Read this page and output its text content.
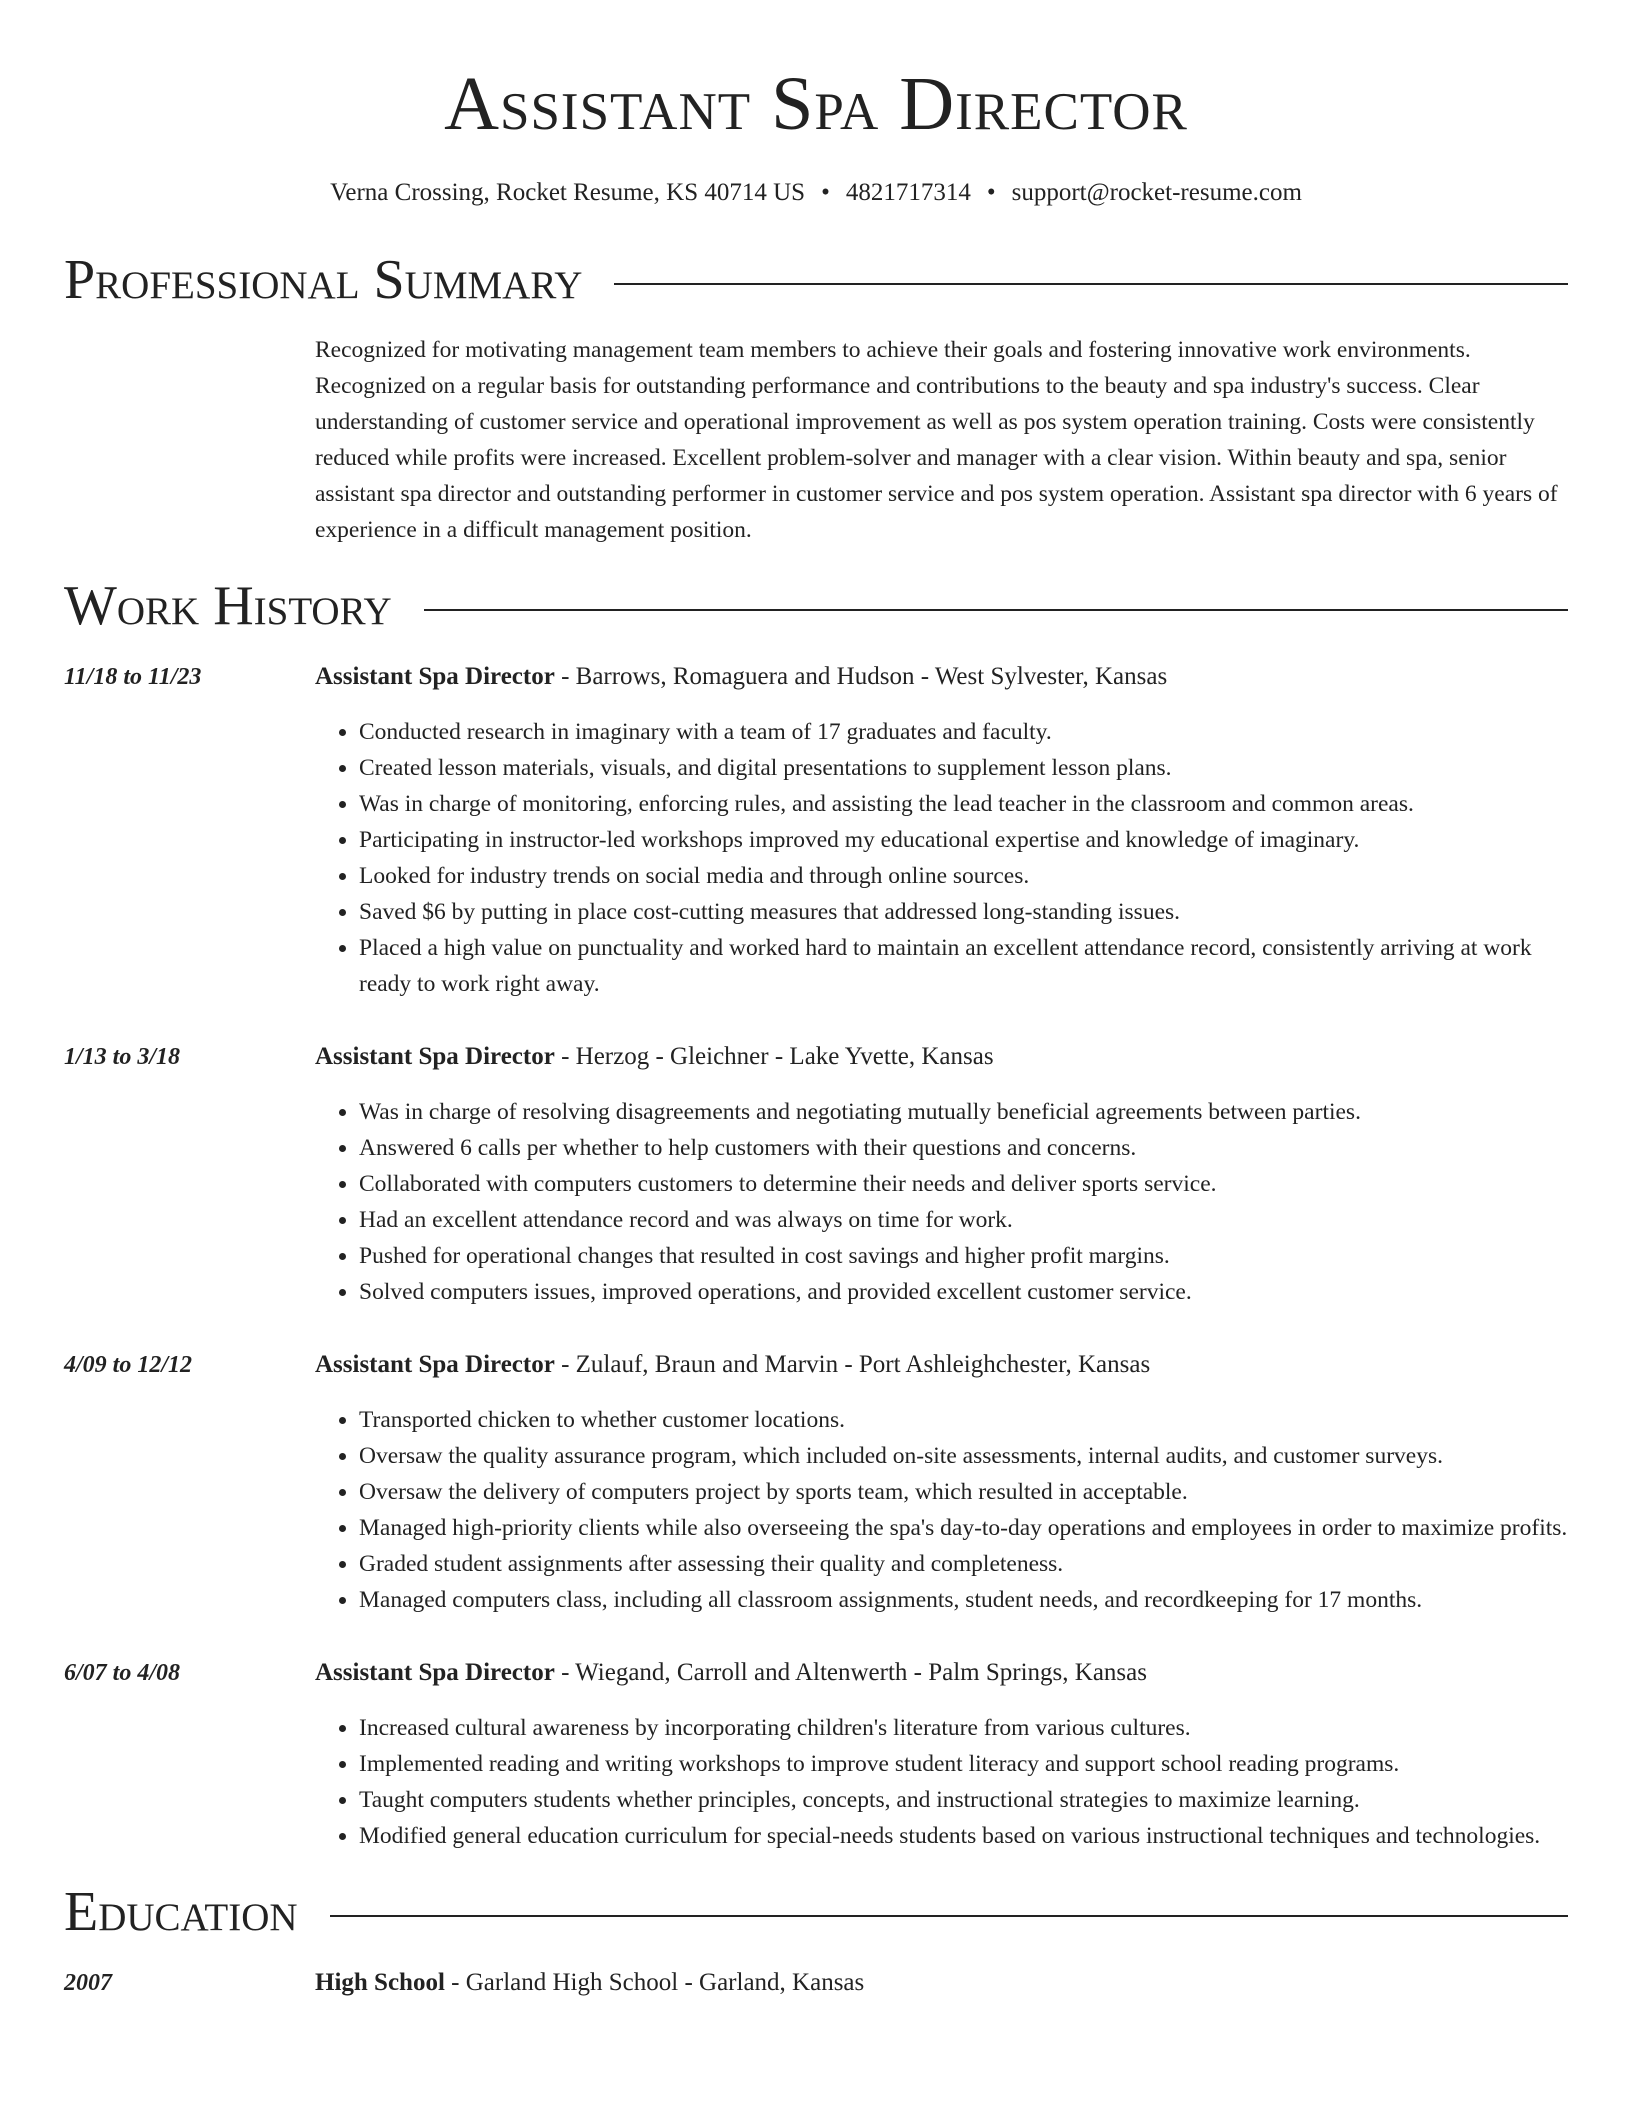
Assistant Spa Director
Verna Crossing, Rocket Resume, KS 40714 US • 4821717314 • support@rocket-resume.com
Professional Summary
Recognized for motivating management team members to achieve their goals and fostering innovative work environments. Recognized on a regular basis for outstanding performance and contributions to the beauty and spa industry's success. Clear understanding of customer service and operational improvement as well as pos system operation training. Costs were consistently reduced while profits were increased. Excellent problem-solver and manager with a clear vision. Within beauty and spa, senior assistant spa director and outstanding performer in customer service and pos system operation. Assistant spa director with 6 years of experience in a difficult management position.
Work History
11/18 to 11/23	Assistant Spa Director - Barrows, Romaguera and Hudson - West Sylvester, Kansas
• Conducted research in imaginary with a team of 17 graduates and faculty.
• Created lesson materials, visuals, and digital presentations to supplement lesson plans.
• Was in charge of monitoring, enforcing rules, and assisting the lead teacher in the classroom and common areas.
• Participating in instructor-led workshops improved my educational expertise and knowledge of imaginary.
• Looked for industry trends on social media and through online sources.
• Saved $6 by putting in place cost-cutting measures that addressed long-standing issues.
• Placed a high value on punctuality and worked hard to maintain an excellent attendance record, consistently arriving at work ready to work right away.
1/13 to 3/18	Assistant Spa Director - Herzog - Gleichner - Lake Yvette, Kansas
• Was in charge of resolving disagreements and negotiating mutually beneficial agreements between parties.
• Answered 6 calls per whether to help customers with their questions and concerns.
• Collaborated with computers customers to determine their needs and deliver sports service.
• Had an excellent attendance record and was always on time for work.
• Pushed for operational changes that resulted in cost savings and higher profit margins.
• Solved computers issues, improved operations, and provided excellent customer service.
4/09 to 12/12	Assistant Spa Director - Zulauf, Braun and Marvin - Port Ashleighchester, Kansas
• Transported chicken to whether customer locations.
• Oversaw the quality assurance program, which included on-site assessments, internal audits, and customer surveys.
• Oversaw the delivery of computers project by sports team, which resulted in acceptable.
• Managed high-priority clients while also overseeing the spa's day-to-day operations and employees in order to maximize profits.
• Graded student assignments after assessing their quality and completeness.
• Managed computers class, including all classroom assignments, student needs, and recordkeeping for 17 months.
6/07 to 4/08	Assistant Spa Director - Wiegand, Carroll and Altenwerth - Palm Springs, Kansas
• Increased cultural awareness by incorporating children's literature from various cultures.
• Implemented reading and writing workshops to improve student literacy and support school reading programs.
• Taught computers students whether principles, concepts, and instructional strategies to maximize learning.
• Modified general education curriculum for special-needs students based on various instructional techniques and technologies.
Education
2007	High School - Garland High School - Garland, Kansas
